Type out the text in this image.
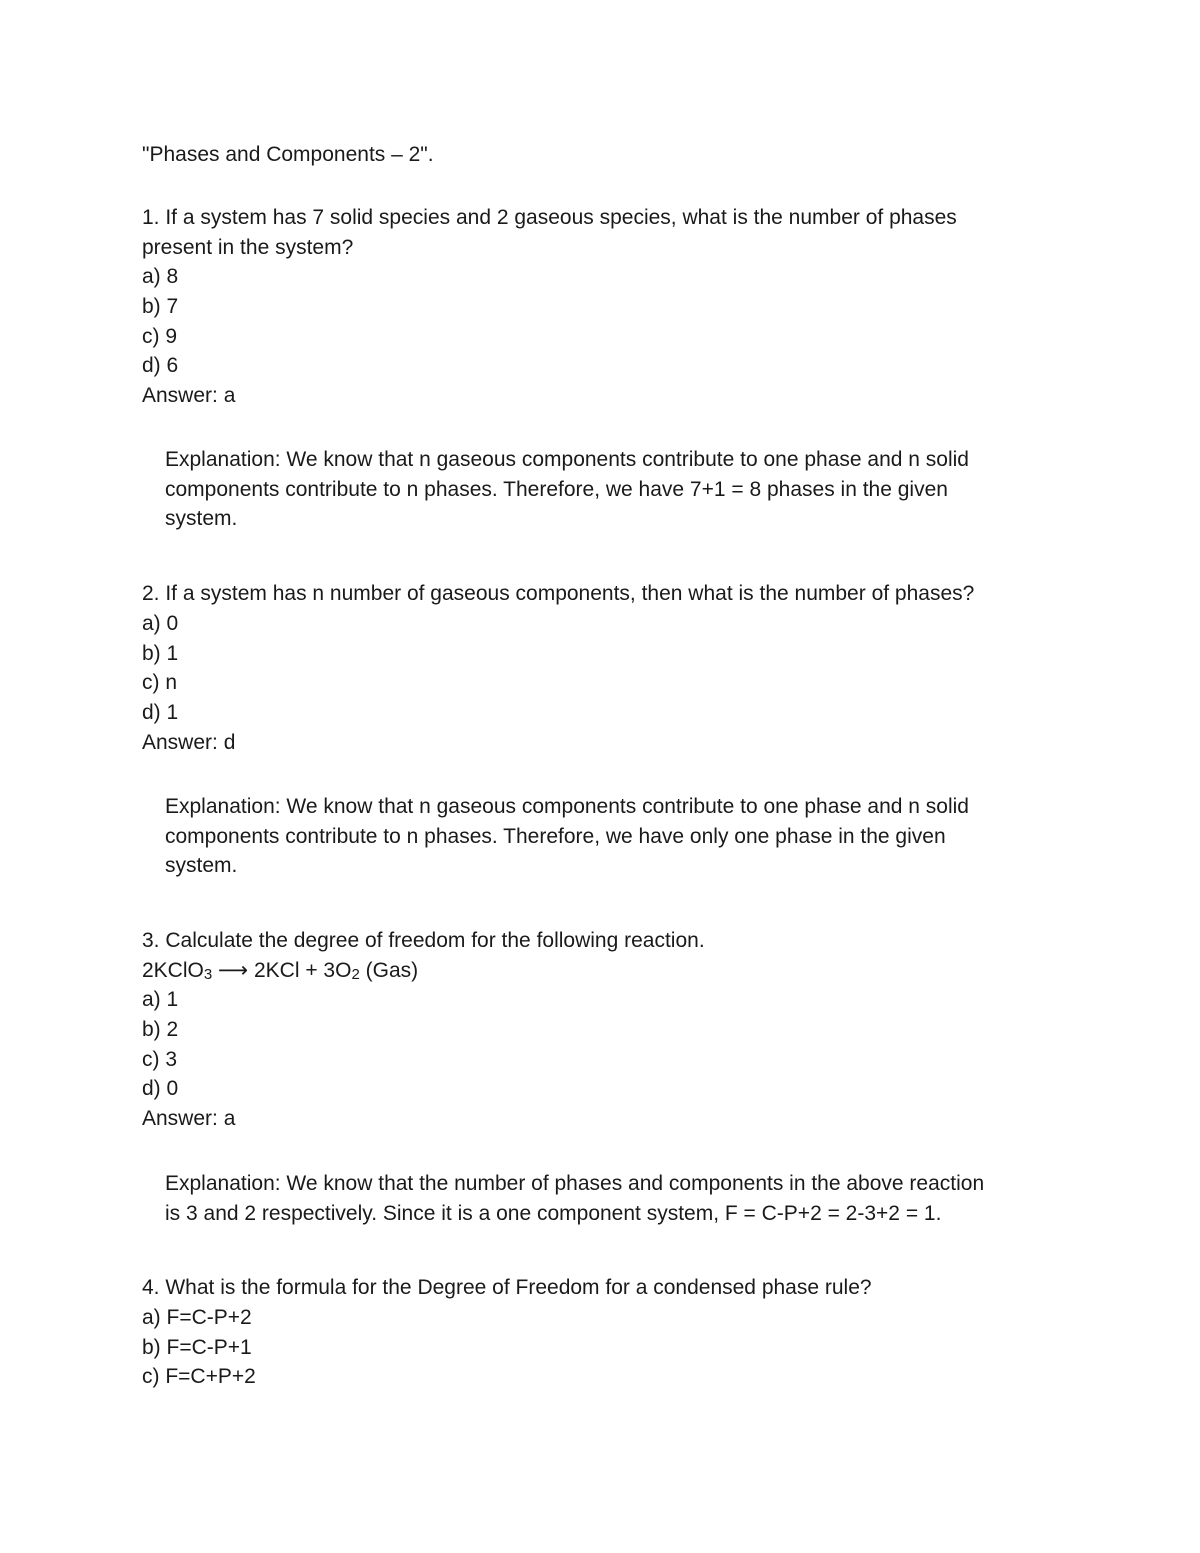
"Phases and Components – 2".
1. If a system has 7 solid species and 2 gaseous species, what is the number of phases
present in the system?
a) 8
b) 7
c) 9
d) 6
Answer: a
Explanation: We know that n gaseous components contribute to one phase and n solid
components contribute to n phases. Therefore, we have 7+1 = 8 phases in the given
system.
2. If a system has n number of gaseous components, then what is the number of phases?
a) 0
b) 1
c) n
d) 1
Answer: d
Explanation: We know that n gaseous components contribute to one phase and n solid
components contribute to n phases. Therefore, we have only one phase in the given
system.
3. Calculate the degree of freedom for the following reaction.
2KClO$_3$ ⟶ $2KCl + 3O_2$ (Gas)
a) 1
b) 2
c) 3
d) 0
Answer: a
Explanation: We know that the number of phases and components in the above reaction
is 3 and 2 respectively. Since it is a one component system, F = C-P+2 = 2-3+2 = 1.
4. What is the formula for the Degree of Freedom for a condensed phase rule?
a) F=C-P+2
b) F=C-P+1
c) F=C+P+2
